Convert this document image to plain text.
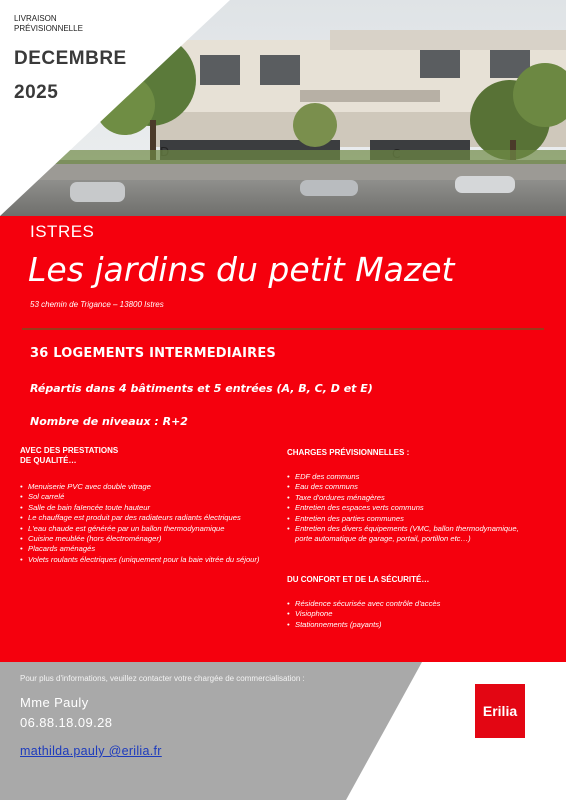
LIVRAISON
PRÉVISIONNELLE
DECEMBRE
2025
ISTRES
Les jardins du petit Mazet
53 chemin de Trigance – 13800 Istres
36 LOGEMENTS INTERMEDIAIRES
Répartis dans 4 bâtiments et 5 entrées (A, B, C, D et E)
Nombre de niveaux : R+2
AVEC DES PRESTATIONS
DE QUALITÉ…
• Menuiserie PVC avec double vitrage
• Sol carrelé
• Salle de bain faïencée toute hauteur
• Le chauffage est produit par des radiateurs radiants électriques
• L'eau chaude est générée par un ballon thermodynamique
• Cuisine meublée (hors électroménager)
• Placards aménagés
• Volets roulants électriques (uniquement pour la baie vitrée du séjour)
CHARGES PRÉVISIONNELLES :
• EDF des communs
• Eau des communs
• Taxe d'ordures ménagères
• Entretien des espaces verts communs
• Entretien des parties communes
• Entretien des divers équipements (VMC, ballon thermodynamique, porte automatique de garage, portail, portillon etc…)
DU CONFORT ET DE LA SÉCURITÉ…
• Résidence sécurisée avec contrôle d'accès
• Visiophone
• Stationnements (payants)
Pour plus d'informations, veuillez contacter votre chargée de commercialisation :
Mme Pauly
06.88.18.09.28
mathilda.pauly @erilia.fr
Erilia
